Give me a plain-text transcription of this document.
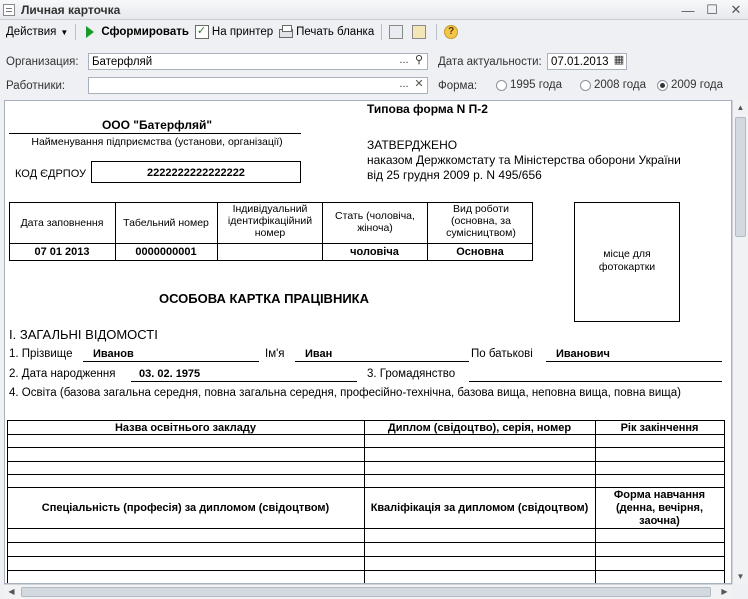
Личная карточка	— ☐ ✕
Действия ▼	Сформировать
✓ На принтер Печать бланка	?
Организация:	Батерфляй	... ⚲ Дата актуальности: 07.01.2013 ▦
Работники:	... ✕ Форма:	1995 года	2008 года 2009 года
Типова форма N П-2
ООО "Батерфляй"
Найменування підприємства (установи, організації)	ЗАТВЕРДЖЕНО
наказом Держкомстату та Міністерства оборони України
від 25 грудня 2009 р. N 495/656
КОД ЄДРПОУ	2222222222222222
Дата заповнення	Табельний номер
Індивідуальний ідентифікаційний номер
Стать (чоловіча, жіноча)
Вид роботи (основна, за сумісництвом)
07 01 2013	0000000001	чоловіча	Основна	місце для фотокартки
ОСОБОВА КАРТКА ПРАЦІВНИКА
І. ЗАГАЛЬНІ ВІДОМОСТІ
1. Прізвище Иванов	Ім'я Иван	По батькові Иванович
2. Дата народження 03. 02. 1975	3. Громадянство
4. Освіта (базова загальна середня, повна загальна середня, професійно-технічна, базова вища, неповна вища, повна вища)
Назва освітнього закладу	Диплом (свідоцтво), серія, номер	Рік закінчення
Спеціальність (професія) за дипломом (свідоцтвом)	Кваліфікація за дипломом (свідоцтвом)
Форма навчання (денна, вечірня, заочна)
▲
▼
◀	▶
